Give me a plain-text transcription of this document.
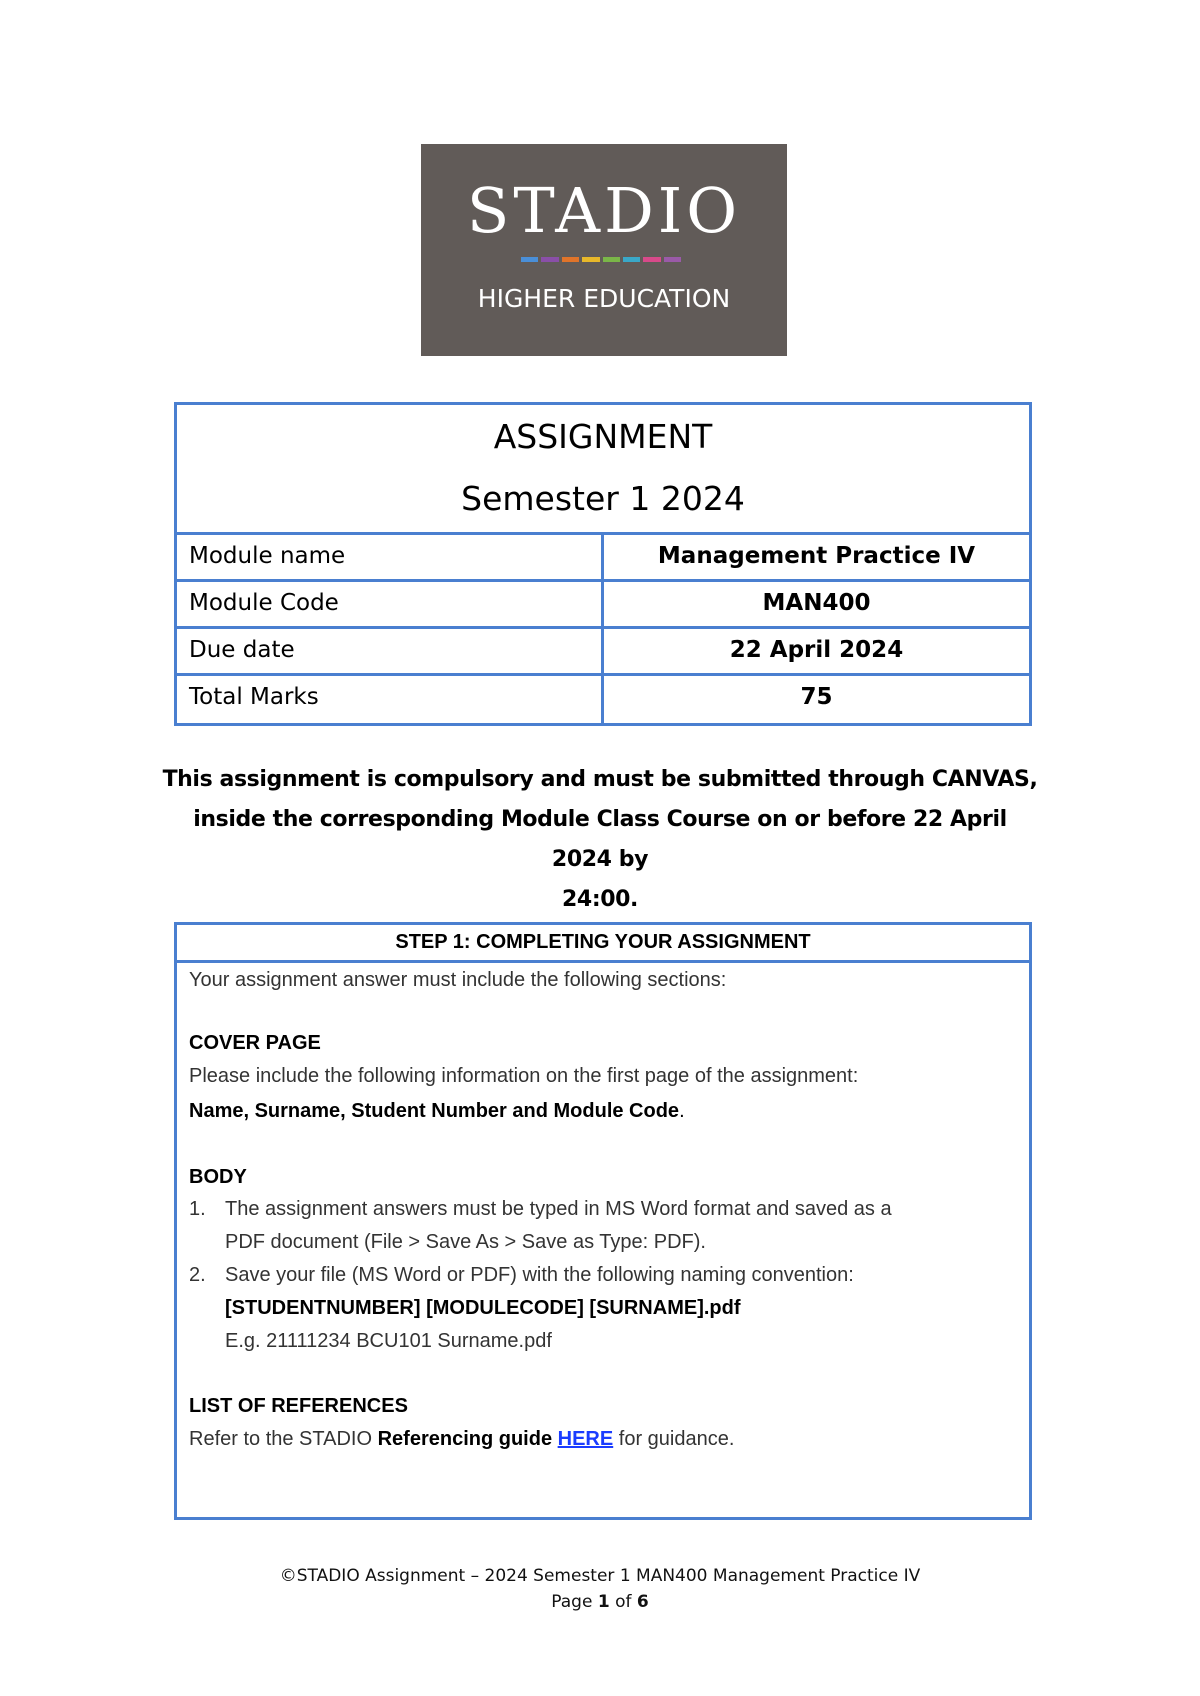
STADIO
HIGHER EDUCATION
ASSIGNMENT
Semester 1 2024
Module name	Management Practice IV
Module Code	MAN400
Due date	22 April 2024
Total Marks	75
This assignment is compulsory and must be submitted through CANVAS,
inside the corresponding Module Class Course on or before 22 April 2024 by
24:00.
STEP 1: COMPLETING YOUR ASSIGNMENT

Your assignment answer must include the following sections:

COVER PAGE

Please include the following information on the first page of the assignment:

Name, Surname, Student Number and Module Code.

BODY

1. The assignment answers must be typed in MS Word format and saved as a
PDF document (File > Save As > Save as Type: PDF).
2. Save your file (MS Word or PDF) with the following naming convention:
[STUDENTNUMBER] [MODULECODE] [SURNAME].pdf
E.g. 21111234 BCU101 Surname.pdf

LIST OF REFERENCES

Refer to the STADIO Referencing guide HERE for guidance.

©STADIO Assignment – 2024 Semester 1 MAN400 Management Practice IV
Page 1 of 6
